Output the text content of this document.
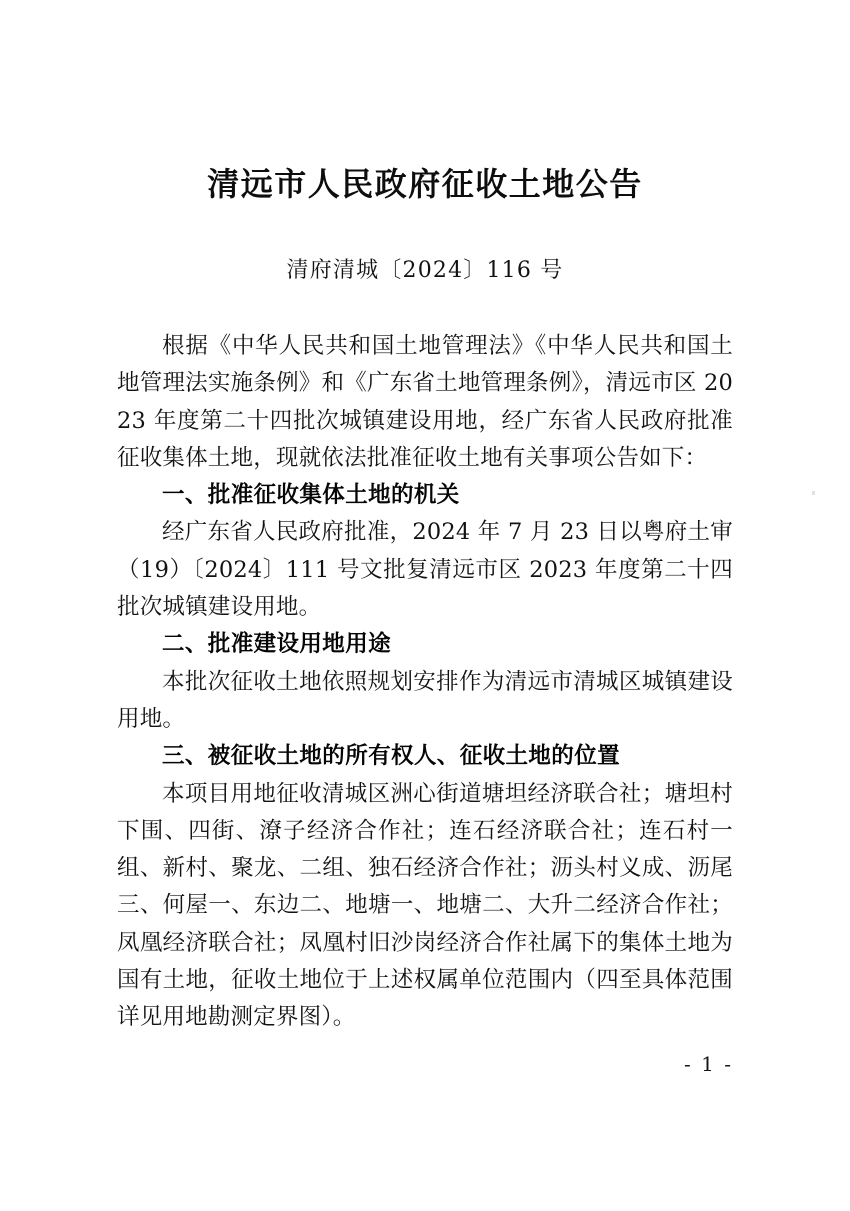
清远市人民政府征收土地公告
清府清城〔2024〕116 号

根据《中华人民共和国土地管理法》《中华人民共和国土地管理法实施条例》和《广东省土地管理条例》，清远市区 2023 年度第二十四批次城镇建设用地，经广东省人民政府批准征收集体土地，现就依法批准征收土地有关事项公告如下：

一、批准征收集体土地的机关

经广东省人民政府批准，2024 年 7 月 23 日以粤府土审（19）〔2024〕111 号文批复清远市区 2023 年度第二十四批次城镇建设用地。

二、批准建设用地用途

本批次征收土地依照规划安排作为清远市清城区城镇建设用地。

三、被征收土地的所有权人、征收土地的位置

本项目用地征收清城区洲心街道塘坦经济联合社；塘坦村下围、四街、潦子经济合作社；连石经济联合社；连石村一组、新村、聚龙、二组、独石经济合作社；沥头村义成、沥尾三、何屋一、东边二、地塘一、地塘二、大升二经济合作社；凤凰经济联合社；凤凰村旧沙岗经济合作社属下的集体土地为国有土地，征收土地位于上述权属单位范围内（四至具体范围详见用地勘测定界图）。

- 1 -
